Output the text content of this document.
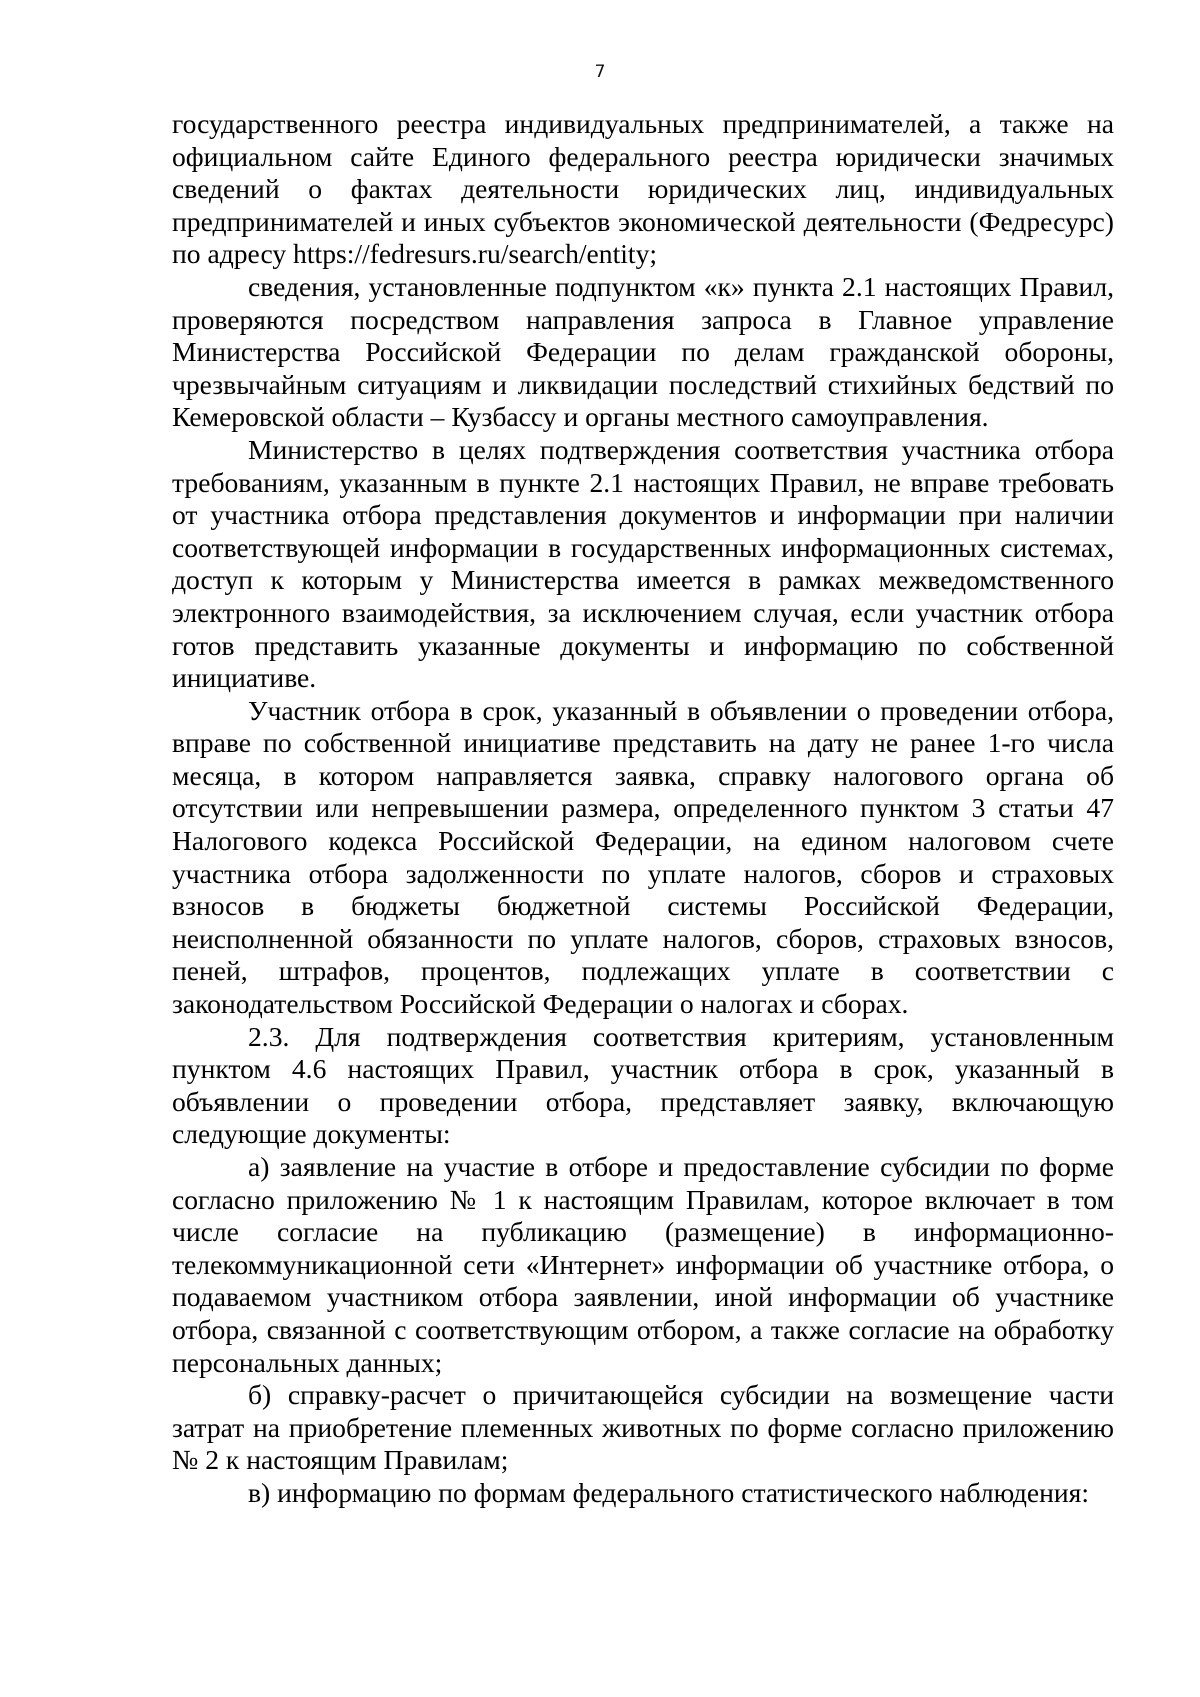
7

государственного реестра индивидуальных предпринимателей, а также на официальном сайте Единого федерального реестра юридически значимых сведений о фактах деятельности юридических лиц, индивидуальных предпринимателей и иных субъектов экономической деятельности (Федресурс) по адресу https://fedresurs.ru/search/entity;

сведения, установленные подпунктом «к» пункта 2.1 настоящих Правил, проверяются посредством направления запроса в Главное управление Министерства Российской Федерации по делам гражданской обороны, чрезвычайным ситуациям и ликвидации последствий стихийных бедствий по Кемеровской области – Кузбассу и органы местного самоуправления.

Министерство в целях подтверждения соответствия участника отбора требованиям, указанным в пункте 2.1 настоящих Правил, не вправе требовать от участника отбора представления документов и информации при наличии соответствующей информации в государственных информационных системах, доступ к которым у Министерства имеется в рамках межведомственного электронного взаимодействия, за исключением случая, если участник отбора готов представить указанные документы и информацию по собственной инициативе.

Участник отбора в срок, указанный в объявлении о проведении отбора, вправе по собственной инициативе представить на дату не ранее 1-го числа месяца, в котором направляется заявка, справку налогового органа об отсутствии или непревышении размера, определенного пунктом 3 статьи 47 Налогового кодекса Российской Федерации, на едином налоговом счете участника отбора задолженности по уплате налогов, сборов и страховых взносов в бюджеты бюджетной системы Российской Федерации, неисполненной обязанности по уплате налогов, сборов, страховых взносов, пеней, штрафов, процентов, подлежащих уплате в соответствии с законодательством Российской Федерации о налогах и сборах.

2.3. Для подтверждения соответствия критериям, установленным пунктом 4.6 настоящих Правил, участник отбора в срок, указанный в объявлении о проведении отбора, представляет заявку, включающую следующие документы:

а) заявление на участие в отборе и предоставление субсидии по форме согласно приложению № 1 к настоящим Правилам, которое включает в том числе согласие на публикацию (размещение) в информационно-телекоммуникационной сети «Интернет» информации об участнике отбора, о подаваемом участником отбора заявлении, иной информации об участнике отбора, связанной с соответствующим отбором, а также согласие на обработку персональных данных;

б) справку-расчет о причитающейся субсидии на возмещение части затрат на приобретение племенных животных по форме согласно приложению № 2 к настоящим Правилам;

в) информацию по формам федерального статистического наблюдения:
